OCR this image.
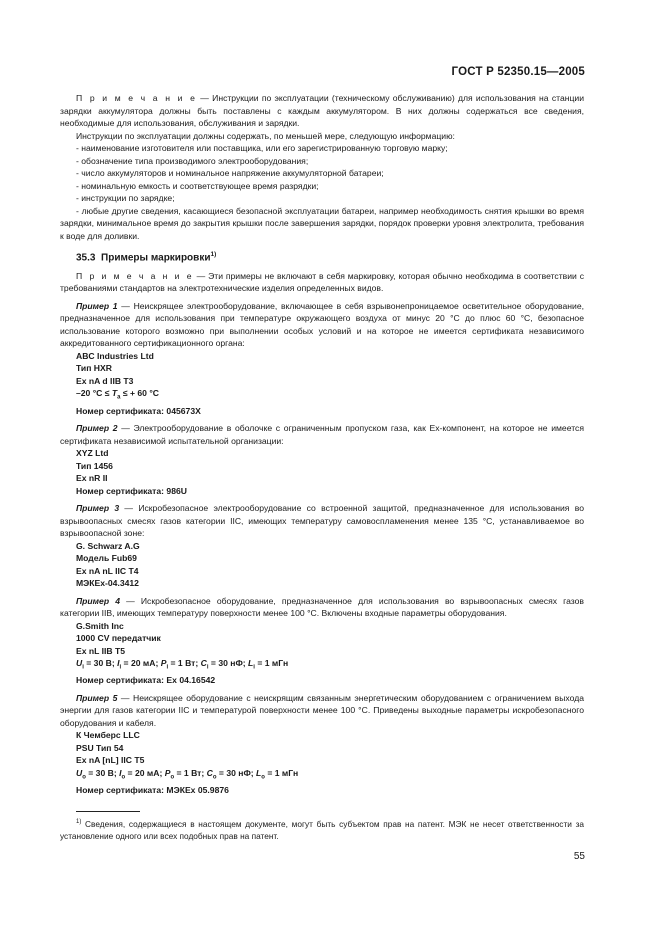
ГОСТ Р 52350.15—2005

П р и м е ч а н и е — Инструкции по эксплуатации (техническому обслуживанию) для использования на станции зарядки аккумулятора должны быть поставлены с каждым аккумулятором. В них должны содержаться все сведения, необходимые для использования, обслуживания и зарядки.

Инструкции по эксплуатации должны содержать, по меньшей мере, следующую информацию:

- наименование изготовителя или поставщика, или его зарегистрированную торговую марку;
- обозначение типа производимого электрооборудования;
- число аккумуляторов и номинальное напряжение аккумуляторной батареи;
- номинальную емкость и соответствующее время разрядки;
- инструкции по зарядке;

- любые другие сведения, касающиеся безопасной эксплуатации батареи, например необходимость снятия крышки во время зарядки, минимальное время до закрытия крышки после завершения зарядки, порядок проверки уровня электролита, требования к воде для доливки.

35.3 Примеры маркировки$^{1)}$

П р и м е ч а н и е — Эти примеры не включают в себя маркировку, которая обычно необходима в соответствии с требованиями стандартов на электротехнические изделия определенных видов.

Пример 1 — Неискрящее электрооборудование, включающее в себя взрывонепроницаемое осветительное оборудование, предназначенное для использования при температуре окружающего воздуха от минус 20 °С до плюс 60 °С, безопасное использование которого возможно при выполнении особых условий и на которое не имеется сертификата независимого аккредитованного сертификационного органа:

ABC Industries Ltd
Тип HXR
Ex nA d IIB T3
–20 $^\circ С \le T_a$ ≤ + 60 °С
Номер сертификата: 045673X

Пример 2 — Электрооборудование в оболочке с ограниченным пропуском газа, как Ex-компонент, на которое не имеется сертификата независимой испытательной организации:

XYZ Ltd
Тип 1456
Ex nR II
Номер сертификата: 986U

Пример 3 — Искробезопасное электрооборудование со встроенной защитой, предназначенное для использования во взрывоопасных смесях газов категории IIC, имеющих температуру самовоспламенения менее 135 °С, устанавливаемое во взрывоопасной зоне:

G. Schwarz A.G
Модель Fub69
Ex nA nL IIC T4
МЭКEx-04.3412

Пример 4 — Искробезопасное оборудование, предназначенное для использования во взрывоопасных смесях газов категории IIB, имеющих температуру поверхности менее 100 °С. Включены входные параметры оборудования.

G.Smith Inc
1000 CV передатчик
Ex nL IIB T5
$U_i = 30$ В; $I_i = 20$ мА; $P_i = 1$ Вт; $C_i = 30$ нФ; $L_i = 1$ мГн
Номер сертификата: Ex 04.16542

Пример 5 — Неискрящее оборудование с неискрящим связанным энергетическим оборудованием с ограничением выхода энергии для газов категории IIC и температурой поверхности менее 100 °С. Приведены выходные параметры искробезопасного оборудования и кабеля.

К Чемберс LLC
PSU Тип 54
Ex nA [nL] IIC T5
$U_o = 30$ В; $I_o = 20$ мА; $P_o = 1$ Вт; $C_o = 30$ нФ; $L_o = 1$ мГн
Номер сертификата: МЭКEx 05.9876
$^{1)}$ Сведения, содержащиеся в настоящем документе, могут быть субъектом прав на патент. МЭК не несет ответственности за установление одного или всех подобных прав на патент.
55
